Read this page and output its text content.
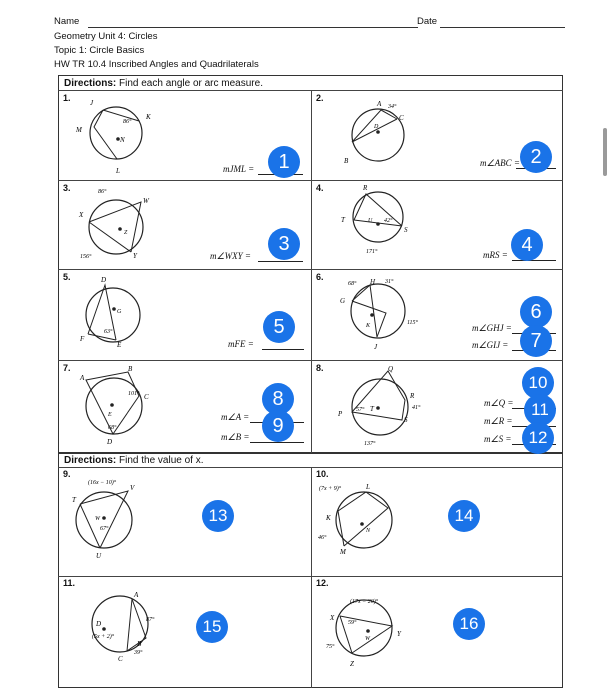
Name	Date
Geometry Unit 4: Circles
Topic 1: Circle Basics
HW TR 10.4 Inscribed Angles and Quadrilaterals
Directions: Find each angle or arc measure.
Directions: Find the value of x.
1.	2.
3.	4.
5.	6.
7.	8.
9.	10.
11.	12.
J
K
M
N
L
86°
A 34°
C
D
B
86°
W
X
Z
156°	Y
R
T	U 42°
S
171°
D
G
63°
F
E
68° H 31°
G
K	115°
J
A
B
101° C
E
68°
D
Q
R
41°
P 57° T
S
137°
(16x − 10)°
T
V
W
67°
U
(7x + 9)°	L
K
N
46°
M
A
87°
D
(5x + 2)°
B
39°
C
(17x − 20)°
X
59°
W
Y
75°
Z
mJML =
m∠ABC =
m∠WXY =	mRS =
mFE =
m∠GHJ =
m∠GIJ =
m∠A =
m∠B =
m∠Q =
m∠R =
m∠S =
1	2
3	4
5
6
7
8
9
10
11
12
13	14
15	16
